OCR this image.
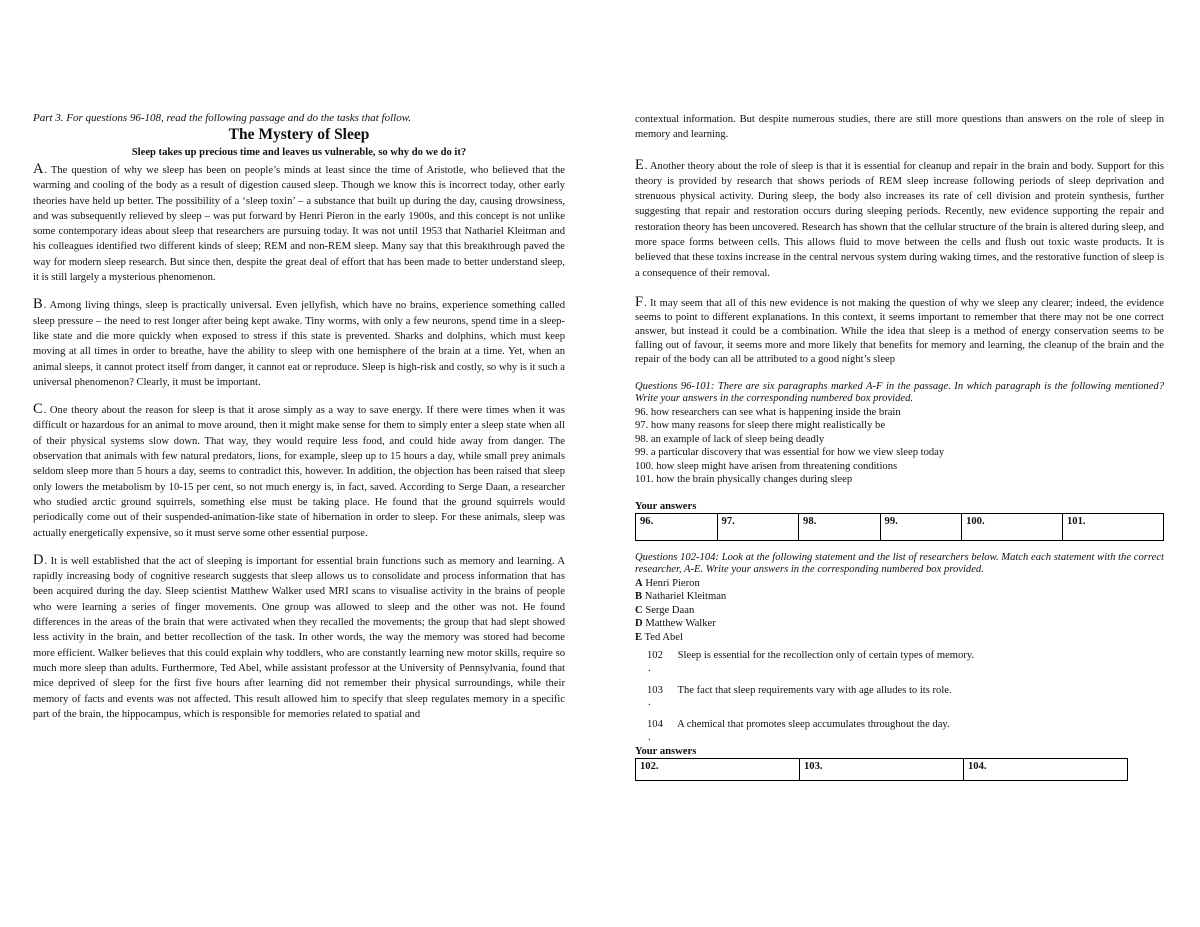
Part 3. For questions 96-108, read the following passage and do the tasks that follow.

The Mystery of Sleep

Sleep takes up precious time and leaves us vulnerable, so why do we do it?

A. The question of why we sleep has been on people’s minds at least since the time of Aristotle, who believed that the warming and cooling of the body as a result of digestion caused sleep. Though we know this is incorrect today, other early theories have held up better. The possibility of a ‘sleep toxin’ – a substance that built up during the day, causing drowsiness, and was subsequently relieved by sleep – was put forward by Henri Pieron in the early 1900s, and this concept is not unlike some contemporary ideas about sleep that researchers are pursuing today. It was not until 1953 that Nathariel Kleitman and his colleagues identified two different kinds of sleep; REM and non-REM sleep. Many say that this breakthrough paved the way for modern sleep research. But since then, despite the great deal of effort that has been made to better understand sleep, it is still largely a mysterious phenomenon.

B. Among living things, sleep is practically universal. Even jellyfish, which have no brains, experience something called sleep pressure – the need to rest longer after being kept awake. Tiny worms, with only a few neurons, spend time in a sleep-like state and die more quickly when exposed to stress if this state is prevented. Sharks and dolphins, which must keep moving at all times in order to breathe, have the ability to sleep with one hemisphere of the brain at a time. Yet, when an animal sleeps, it cannot protect itself from danger, it cannot eat or reproduce. Sleep is high-risk and costly, so why is it such a universal phenomenon? Clearly, it must be important.

C. One theory about the reason for sleep is that it arose simply as a way to save energy. If there were times when it was difficult or hazardous for an animal to move around, then it might make sense for them to simply enter a sleep state when all of their physical systems slow down. That way, they would require less food, and could hide away from danger. The observation that animals with few natural predators, lions, for example, sleep up to 15 hours a day, while small prey animals seldom sleep more than 5 hours a day, seems to contradict this, however. In addition, the objection has been raised that sleep only lowers the metabolism by 10-15 per cent, so not much energy is, in fact, saved. According to Serge Daan, a researcher who studied arctic ground squirrels, something else must be taking place. He found that the ground squirrels would periodically come out of their suspended-animation-like state of hibernation in order to sleep. For these animals, sleep was actually energetically expensive, so it must serve some other essential purpose.

D. It is well established that the act of sleeping is important for essential brain functions such as memory and learning. A rapidly increasing body of cognitive research suggests that sleep allows us to consolidate and process information that has been acquired during the day. Sleep scientist Matthew Walker used MRI scans to visualise activity in the brains of people who were learning a series of finger movements. One group was allowed to sleep and the other was not. He found differences in the areas of the brain that were activated when they recalled the movements; the group that had slept showed less activity in the brain, and better recollection of the task. In other words, the way the memory was stored had become more efficient. Walker believes that this could explain why toddlers, who are constantly learning new motor skills, require so much more sleep than adults. Furthermore, Ted Abel, while assistant professor at the University of Pennsylvania, found that mice deprived of sleep for the first five hours after learning did not remember their physical surroundings, while their memory of facts and events was not affected. This result allowed him to specify that sleep regulates memory in a specific part of the brain, the hippocampus, which is responsible for memories related to spatial and

contextual information. But despite numerous studies, there are still more questions than answers on the role of sleep in memory and learning.

E. Another theory about the role of sleep is that it is essential for cleanup and repair in the brain and body. Support for this theory is provided by research that shows periods of REM sleep increase following periods of sleep deprivation and strenuous physical activity. During sleep, the body also increases its rate of cell division and protein synthesis, further suggesting that repair and restoration occurs during sleeping periods. Recently, new evidence supporting the repair and restoration theory has been uncovered. Research has shown that the cellular structure of the brain is altered during sleep, and more space forms between cells. This allows fluid to move between the cells and flush out toxic waste products. It is believed that these toxins increase in the central nervous system during waking times, and the restorative function of sleep is a consequence of their removal.

F. It may seem that all of this new evidence is not making the question of why we sleep any clearer; indeed, the evidence seems to point to different explanations. In this context, it seems important to remember that there may not be one correct answer, but instead it could be a combination. While the idea that sleep is a method of energy conservation seems to be falling out of favour, it seems more and more likely that benefits for memory and learning, the cleanup of the brain and the repair of the body can all be attributed to a good night’s sleep

Questions 96-101: There are six paragraphs marked A-F in the passage. In which paragraph is the following mentioned? Write your answers in the corresponding numbered box provided.

96. how researchers can see what is happening inside the brain
97. how many reasons for sleep there might realistically be
98. an example of lack of sleep being deadly
99. a particular discovery that was essential for how we view sleep today
100. how sleep might have arisen from threatening conditions
101. how the brain physically changes during sleep

Your answers

96.	97.	98.	99.	100.	101.

Questions 102-104: Look at the following statement and the list of researchers below. Match each statement with the correct researcher, A-E. Write your answers in the corresponding numbered box provided.

A Henri Pieron
B Nathariel Kleitman
C Serge Daan
D Matthew Walker
E Ted Abel
102 Sleep is essential for the recollection only of certain types of memory.
.
103 The fact that sleep requirements vary with age alludes to its role.
.
104 A chemical that promotes sleep accumulates throughout the day.
.

Your answers

102.	103.	104.
